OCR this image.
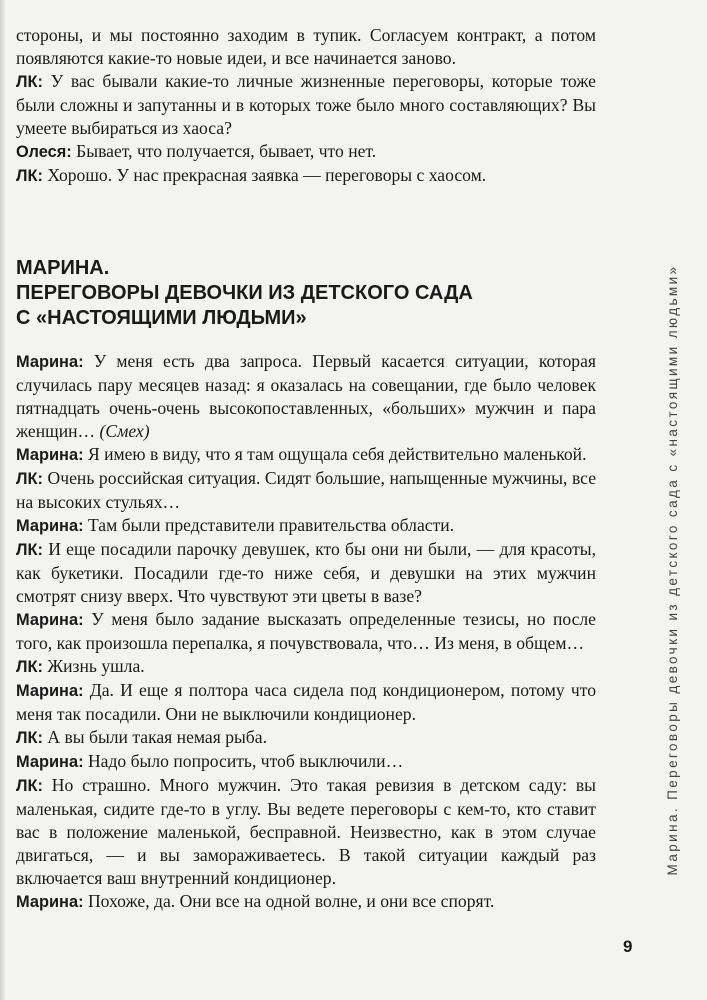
стороны, и мы постоянно заходим в тупик. Согласуем контракт, а потом появляются какие-то новые идеи, и все начинается заново.

ЛК: У вас бывали какие-то личные жизненные переговоры, которые тоже были сложны и запутанны и в которых тоже было много составляющих? Вы умеете выбираться из хаоса?

Олеся: Бывает, что получается, бывает, что нет.

ЛК: Хорошо. У нас прекрасная заявка — переговоры с хаосом.

МАРИНА.
ПЕРЕГОВОРЫ ДЕВОЧКИ ИЗ ДЕТСКОГО САДА
С «НАСТОЯЩИМИ ЛЮДЬМИ»

Марина: У меня есть два запроса. Первый касается ситуации, которая случилась пару месяцев назад: я оказалась на совещании, где было человек пятнадцать очень-очень высокопоставленных, «больших» мужчин и пара женщин… (Смех)

Марина: Я имею в виду, что я там ощущала себя действительно маленькой.

ЛК: Очень российская ситуация. Сидят большие, напыщенные мужчины, все на высоких стульях…

Марина: Там были представители правительства области.

ЛК: И еще посадили парочку девушек, кто бы они ни были, — для красоты, как букетики. Посадили где-то ниже себя, и девушки на этих мужчин смотрят снизу вверх. Что чувствуют эти цветы в вазе?

Марина: У меня было задание высказать определенные тезисы, но после того, как произошла перепалка, я почувствовала, что… Из меня, в общем…

ЛК: Жизнь ушла.

Марина: Да. И еще я полтора часа сидела под кондиционером, потому что меня так посадили. Они не выключили кондиционер.

ЛК: А вы были такая немая рыба.

Марина: Надо было попросить, чтоб выключили…

ЛК: Но страшно. Много мужчин. Это такая ревизия в детском саду: вы маленькая, сидите где-то в углу. Вы ведете переговоры с кем-то, кто ставит вас в положение маленькой, бесправной. Неизвестно, как в этом случае двигаться, — и вы замораживаетесь. В такой ситуации каждый раз включается ваш внутренний кондиционер.

Марина: Похоже, да. Они все на одной волне, и они все спорят.

Марина. Переговоры девочки из детского сада с «настоящими людьми»
9
